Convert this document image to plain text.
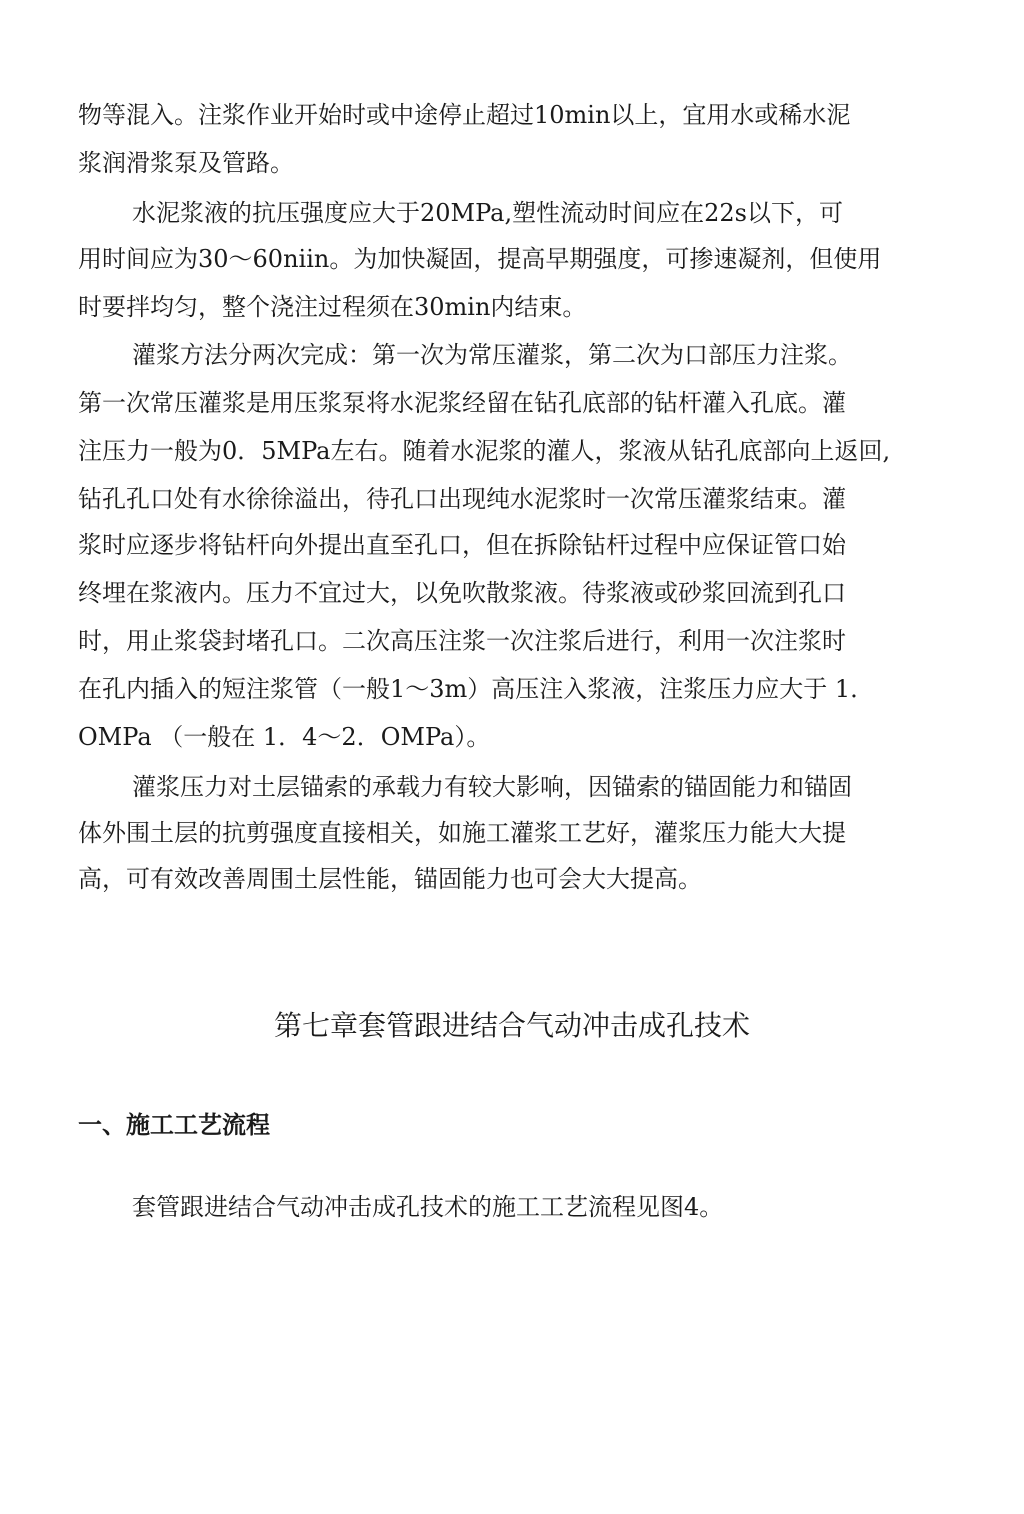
物等混入。注浆作业开始时或中途停止超过10min以上，宜用水或稀水泥
浆润滑浆泵及管路。
水泥浆液的抗压强度应大于20MPa,塑性流动时间应在22s以下，可
用时间应为30～60niin。为加快凝固，提高早期强度，可掺速凝剂，但使用
时要拌均匀，整个浇注过程须在30min内结束。
灌浆方法分两次完成：第一次为常压灌浆，第二次为口部压力注浆。
第一次常压灌浆是用压浆泵将水泥浆经留在钻孔底部的钻杆灌入孔底。灌
注压力一般为0．5MPa左右。随着水泥浆的灌人，浆液从钻孔底部向上返回,
钻孔孔口处有水徐徐溢出，待孔口出现纯水泥浆时一次常压灌浆结束。灌
浆时应逐步将钻杆向外提出直至孔口，但在拆除钻杆过程中应保证管口始
终埋在浆液内。压力不宜过大，以免吹散浆液。待浆液或砂浆回流到孔口
时，用止浆袋封堵孔口。二次高压注浆一次注浆后进行，利用一次注浆时
在孔内插入的短注浆管（一般1～3m）高压注入浆液，注浆压力应大于 1．
OMPa （一般在 1．4～2．OMPa）。
灌浆压力对土层锚索的承载力有较大影响，因锚索的锚固能力和锚固
体外围土层的抗剪强度直接相关，如施工灌浆工艺好，灌浆压力能大大提
高，可有效改善周围土层性能，锚固能力也可会大大提高。
第七章套管跟进结合气动冲击成孔技术
一、施工工艺流程
套管跟进结合气动冲击成孔技术的施工工艺流程见图4。
